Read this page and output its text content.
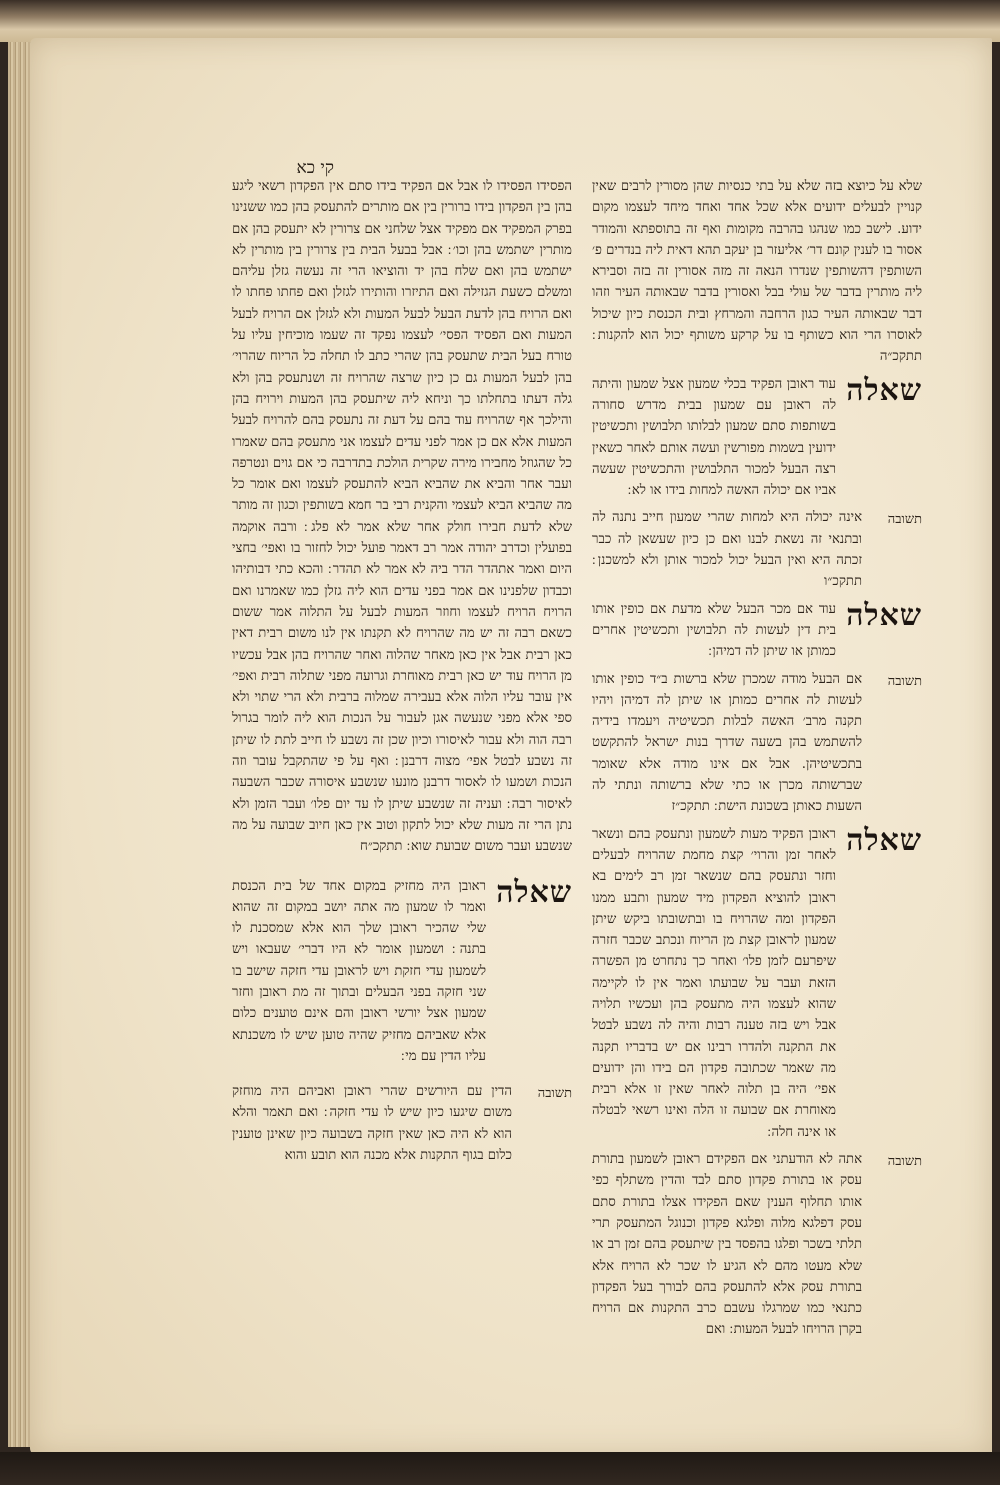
קי כא

שלא על כיוצא בזה שלא על בתי כנסיות שהן מסורין לרבים שאין קנויין לבעלים ידועים אלא שכל אחד ואחד מיחד לעצמו מקום ידוע. לישב כמו שנהגו בהרבה מקומות ואף זה בתוספתא והמודר אסור בו לענין קונם דר׳ אליעזר בן יעקב תהא דאית ליה בנדרים פ׳ השותפין דהשותפין שנדרו הנאה זה מזה אסורין זה בזה וסבירא ליה מותרין בדבר של עולי בבל ואסורין בדבר שבאותה העיר וזהו דבר שבאותה העיר כגון הרחבה והמרחץ ובית הכנסת כיון שיכול לאוסרו הרי הוא כשותף בו על קרקע משותף יכול הוא להקנות ׃ תתקכ״ה

שאלה

עוד ראובן הפקיד בכלי שמעון אצל שמעון והיתה לה ראובן עם שמעון בבית מדרש סחורה בשותפות סתם שמעון לבלותו תלבושין ותכשיטין ידועין בשמות מפורשין ועשה אותם לאחר כשאין רצה הבעל למכור התלבושין והתכשיטין שעשה אביו אם יכולה האשה למחות בידו או לא ׃

תשובה

אינה יכולה היא למחות שהרי שמעון חייב נתנה לה ובתנאי זה נשאת לבנו ואם כן כיון שעשאן לה כבר זכתה היא ואין הבעל יכול למכור אותן ולא למשכנן ׃ תתקכ״ו

שאלה

עוד אם מכר הבעל שלא מדעת אם כופין אותו בית דין לעשות לה תלבושין ותכשיטין אחרים כמותן או שיתן לה דמיהן ׃

תשובה

אם הבעל מודה שמכרן שלא ברשות ב״ד כופין אותו לעשות לה אחרים כמותן או שיתן לה דמיהן ויהיו תקנה מרב׳ האשה לבלות תכשיטיה ויעמדו בידיה להשתמש בהן בשעה שדרך בנות ישראל להתקשט בתכשיטיהן. אבל אם אינו מודה אלא שאומר שברשותה מכרן או כתי שלא ברשותה ונתתי לה השעות כאותן בשכונת הישת ׃ תתקכ״ז

שאלה

ראובן הפקיד מעות לשמעון ונתעסק בהם ונשאר לאחר זמן והרוי׳ קצת מחמת שהרויח לבעלים וחזר ונתעסק בהם שנשאר זמן רב לימים בא ראובן להוציא הפקדון מיד שמעון ותבע ממנו הפקדון ומה שהרויח בו ובתשובתו ביקש שיתן שמעון לראובן קצת מן הריוח ונכתב שכבר חזרה שיפרעם לזמן פלו׳ ואחר כך נתחרט מן הפשרה הזאת ועבר על שבועתו ואמר אין לו לקיימה שהוא לעצמו היה מתעסק בהן ועכשיו תלויה אבל ויש בזה טענה רבות והיה לה נשבע לבטל את התקנה ולהדרו רבינו אם יש בדבריו תקנה מה שאמר שכתובה פקדון הם בידו והן ידועים אפי׳ היה בן תלוה לאחר שאין זו אלא רבית מאוחרת אם שבועה זו הלה ואינו רשאי לבטלה או אינה חלה ׃

תשובה

אתה לא הודעתני אם הפקידם ראובן לשמעון בתורת עסק או בתורת פקדון סתם לבד והדין משתלף כפי אותו תחלוף הענין שאם הפקידו אצלו בתורת סתם עסק דפלגא מלוה ופלגא פקדון וכנוגל המתעסק תרי תלתי בשכר ופלגו בהפסד בין שיתעסק בהם זמן רב או שלא מעטו מהם לא הגיע לו שכר לא הרויח אלא בתורת עסק אלא להתעסק בהם לבורך בעל הפקדון כתנאי כמו שמרגלו עשבם כרב התקנות אם הרויח בקרן הרויחו לבעל המעות ׃ ואם

הפסידו הפסידו לו אבל אם הפקיד בידו סתם אין הפקדון רשאי ליגע בהן בין הפקדון בידו ברורין בין אם מותרים להתעסק בהן כמו ששנינו בפרק המפקיד אם מפקיד אצל שלחני אם צרורין לא יתעסק בהן אם מותרין ישתמש בהן וכו׳ ׃ אבל בבעל הבית בין צרורין בין מותרין לא ישתמש בהן ואם שלח בהן יד והוציאו הרי זה נעשה גזלן עליהם ומשלם כשעת הגזילה ואם התיזרו והותירו לגזלן ואם פחתו פחתו לו ואם הרויח בהן לדעת הבעל לבעל המעות ולא לגזלן אם הרויח לבעל המעות ואם הפסיד הפסי׳ לעצמו נפקד זה שעמו מוכיחין עליו על טורח בעל הבית שתעסק בהן שהרי כתב לו תחלה כל הריוח שהרוי׳ בהן לבעל המעות גם כן כיון שרצה שהרויח זה ושנתעסק בהן ולא גלה דעתו בתחלתו כך וניחא ליה שיתעסק בהן המעות וירויח בהן והילכך אף שהרויח עוד בהם על דעת זה נתעסק בהם להרויח לבעל המעות אלא אם כן אמר לפני עדים לעצמו אני מתעסק בהם שאמרו כל שהגוזל מחבירו מירה שקרית הולכת בתדרבה כי אם גוים ונטרפה ועבר אחר והביא את שהביא הביא להתעסק לעצמו ואם אומר כל מה שהביא הביא לעצמי והקנית רבי בר חמא בשותפין וכגון זה מותר שלא לדעת חבירו חולק אחר שלא אמר לא פלג ׃ ורבה אוקמה בפועלין וכדרב יהודה אמר רב דאמר פועל יכול לחזור בו ואפי׳ בחצי היום ואמר אתהדר הדר ביה לא אמר לא תהדר ׃ והכא כתי דבותיהו וכבדון שלפנינו אם אמר בפני עדים הוא ליה גזלן כמו שאמרנו ואם הרויח הרויח לעצמו וחוזר המעות לבעל על התלוה אמר ששום כשאם רבה זה יש מה שהרויח לא תקנתו אין לנו משום רבית דאין כאן רבית אבל אין כאן מאחר שהלוה ואחר שהרויח בהן אבל עכשיו מן הרויח עוד יש כאן רבית מאוחרת וגרועה מפני שתלוה רבית ואפי׳ אין עובר עליו הלוה אלא בעבירה שמלוה ברבית ולא הרי שתוי ולא ספי אלא מפני שנעשה אגן לעבור על הנכות הוא ליה לומר בגרול רבה הוה ולא עבור לאיסורו וכיון שכן זה נשבע לו חייב לתת לו שיתן זה נשבע לבטל אפי׳ מצוה דרבנן ׃ ואף על פי שהתקבל עובר וזה הנכות ושמעו לו לאסור דרבנן מונעו שנשבע איסורה שכבר השבעה לאיסור רבה ׃ ועניה זה שנשבע שיתן לו עד יום פלו׳ ועבר הזמן ולא נתן הרי זה מעות שלא יכול לתקון וטוב אין כאן חיוב שבועה על מה שנשבע ועבר משום שבועת שוא ׃ תתקכ״ח

שאלה

ראובן היה מחזיק במקום אחד של בית הכנסת ואמר לו שמעון מה אתה יושב במקום זה שהוא שלי שהכיר ראובן שלך הוא אלא שמסכנת לו בתנה ׃ ושמעון אומר לא היו דברי׳ שעבאו ויש לשמעון עדי חזקת ויש לראובן עדי חזקה שישב בו שני חזקה בפני הבעלים ובתוך זה מת ראובן וחזר שמעון אצל יורשי ראובן והם אינם טוענים כלום אלא שאביהם מחזיק שהיה טוען שיש לו משכנתא עליו הדין עם מי ׃

תשובה

הדין עם היורשים שהרי ראובן ואביהם היה מוחזק משום שיגעו כיון שיש לו עדי חזקה ׃ ואם תאמר והלא הוא לא היה כאן שאין חזקה בשבועה כיון שאינן טוענין כלום בגוף התקנות אלא מכנה הוא תובע והוא
